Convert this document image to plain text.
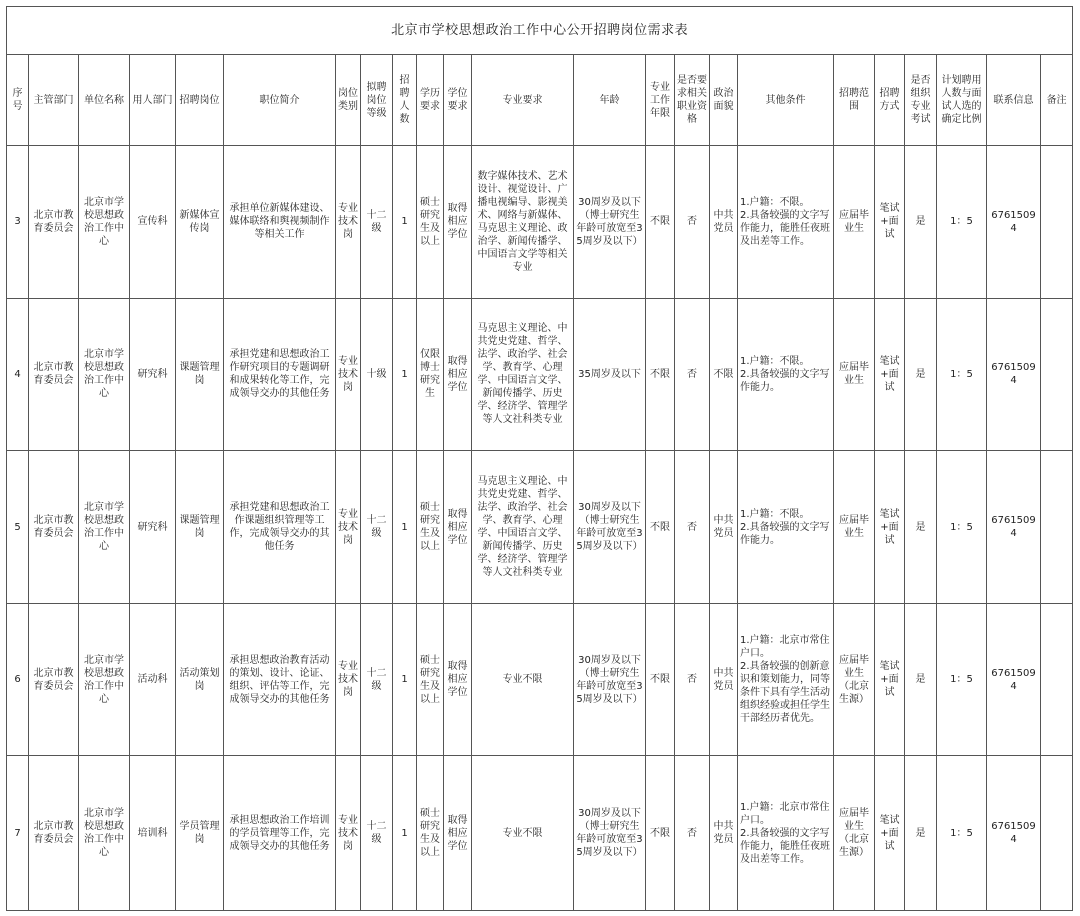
北京市学校思想政治工作中心公开招聘岗位需求表																						
序号	主管部门	单位名称	用人部门	招聘岗位	职位简介	岗位类别	拟聘岗位等级	招聘人数	学历要求	学位要求	专业要求	年龄	专业工作年限	是否要求相关职业资格	政治面貌	其他条件	招聘范围	招聘方式	是否组织专业考试	计划聘用人数与面试人选的确定比例	联系信息	备注
3	北京市教育委员会	北京市学校思想政治工作中心	宣传科	新媒体宣传岗	承担单位新媒体建设、媒体联络和舆视频制作等相关工作	专业技术岗	十二级	1	硕士研究生及以上	取得相应学位	数字媒体技术、艺术设计、视觉设计、广播电视编导、影视美术、网络与新媒体、马克思主义理论、政治学、新闻传播学、中国语言文学等相关专业	30周岁及以下（博士研究生年龄可放宽至35周岁及以下）	不限	否	中共党员	1.户籍：不限。
2.具备较强的文字写作能力，能胜任夜班及出差等工作。	应届毕业生	笔试+面试	是	1：5	67615094	
4	北京市教育委员会	北京市学校思想政治工作中心	研究科	课题管理岗	承担党建和思想政治工作研究项目的专题调研和成果转化等工作，完成领导交办的其他任务	专业技术岗	十级	1	仅限博士研究生	取得相应学位	马克思主义理论、中共党史党建、哲学、法学、政治学、社会学、教育学、心理学、中国语言文学、新闻传播学、历史学、经济学、管理学等人文社科类专业	35周岁及以下	不限	否	不限	1.户籍：不限。
2.具备较强的文字写作能力。	应届毕业生	笔试+面试	是	1：5	67615094	
5	北京市教育委员会	北京市学校思想政治工作中心	研究科	课题管理岗	承担党建和思想政治工作课题组织管理等工作，完成领导交办的其他任务	专业技术岗	十二级	1	硕士研究生及以上	取得相应学位	马克思主义理论、中共党史党建、哲学、法学、政治学、社会学、教育学、心理学、中国语言文学、新闻传播学、历史学、经济学、管理学等人文社科类专业	30周岁及以下（博士研究生年龄可放宽至35周岁及以下）	不限	否	中共党员	1.户籍：不限。
2.具备较强的文字写作能力。	应届毕业生	笔试+面试	是	1：5	67615094	
6	北京市教育委员会	北京市学校思想政治工作中心	活动科	活动策划岗	承担思想政治教育活动的策划、设计、论证、组织、评估等工作，完成领导交办的其他任务	专业技术岗	十二级	1	硕士研究生及以上	取得相应学位	专业不限	30周岁及以下（博士研究生年龄可放宽至35周岁及以下）	不限	否	中共党员	1.户籍：北京市常住户口。
2.具备较强的创新意识和策划能力，同等条件下具有学生活动组织经验或担任学生干部经历者优先。	应届毕业生（北京生源）	笔试+面试	是	1：5	67615094	
7	北京市教育委员会	北京市学校思想政治工作中心	培训科	学员管理岗	承担思想政治工作培训的学员管理等工作，完成领导交办的其他任务	专业技术岗	十二级	1	硕士研究生及以上	取得相应学位	专业不限	30周岁及以下（博士研究生年龄可放宽至35周岁及以下）	不限	否	中共党员	1.户籍：北京市常住户口。
2.具备较强的文字写作能力，能胜任夜班及出差等工作。	应届毕业生（北京生源）	笔试+面试	是	1：5	67615094	
